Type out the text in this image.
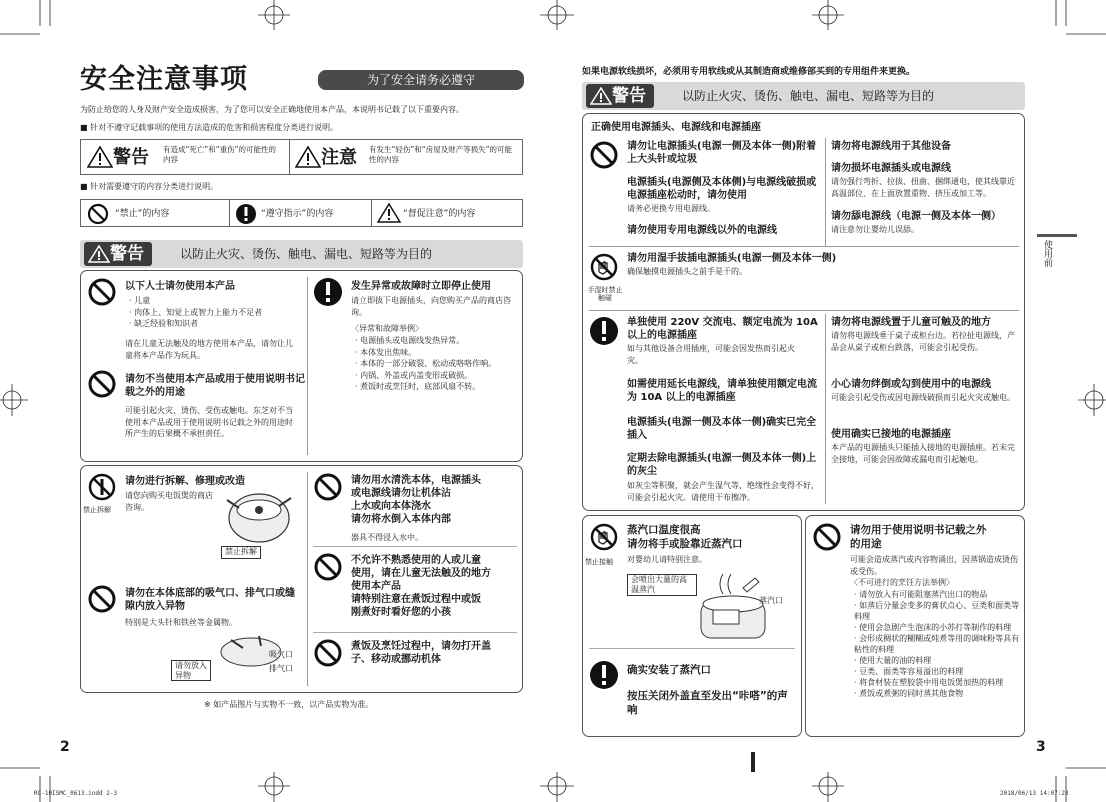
安全注意事项	为了安全请务必遵守
为防止给您的人身及财产安全造成损害，为了您可以安全正确地使用本产品，本说明书记载了以下重要内容。
■ 针对不遵守记载事项的使用方法造成的危害和损害程度分类进行说明。
警告 有造成“死亡”和“重伤”的可能性的内容	注意 有发生“轻伤”和“房屋及财产等损失”的可能性的内容
■ 针对需要遵守的内容分类进行说明。
“禁止”的内容	“遵守指示”的内容	“督促注意”的内容
警告	以防止火灾、烫伤、触电、漏电、短路等为目的
以下人士请勿使用本产品
· 儿童
· 肉体上、知觉上或智力上能力不足者
· 缺乏经验和知识者
请在儿童无法触及的地方使用本产品，请勿让儿童将本产品作为玩具。
请勿不当使用本产品或用于使用说明书记载之外的用途
可能引起火灾、烫伤、受伤或触电。东芝对不当使用本产品或用于使用说明书记载之外的用途时所产生的后果概不承担责任。
发生异常或故障时立即停止使用
请立即拔下电源插头，向您购买产品的商店咨询。
〈异常和故障举例〉
· 电源插头或电源线发热异常。
· 本体发出焦味。
· 本体的一部分破裂、松动或咯咯作响。
· 内锅、外盖或内盖变形或破损。
· 煮饭时或烹饪时，底部风扇不转。
禁止拆解
请勿进行拆解、修理或改造
请您向购买电饭煲的商店咨询。
禁止拆解
请勿在本体底部的吸气口、排气口或缝隙内放入异物
特别是大头针和铁丝等金属物。
请勿放入异物
吸气口
排气口
请勿用水清洗本体，电源插头
或电源线请勿让机体沾
上水或向本体浇水
请勿将水倒入本体内部
器具不得浸入水中。
不允许不熟悉使用的人或儿童
使用，请在儿童无法触及的地方
使用本产品
请特别注意在煮饭过程中或饭
刚煮好时看好您的小孩
煮饭及烹饪过程中，请勿打开盖
子、移动或挪动机体
※ 如产品图片与实物不一致，以产品实物为准。
2
RC-10ISMC_0613.indd 2-3
如果电源软线损坏，必须用专用软线或从其制造商或维修部买到的专用组件来更换。
警告	以防止火灾、烫伤、触电、漏电、短路等为目的
正确使用电源插头、电源线和电源插座
请勿让电源插头(电源一侧及本体一侧)附着上大头针或垃圾
电源插头(电源侧及本体侧)与电源线破损或电源插座松动时，请勿使用
请务必更换专用电源线。
请勿使用专用电源线以外的电源线
请勿将电源线用于其他设备
请勿损坏电源插头或电源线
请勿强行弯折、拉拔、扭曲、捆绑通电，使其线靠近高温部位、在上面放置重物、挤压或加工等。
请勿舔电源线（电源一侧及本体一侧）
请注意勿让婴幼儿误舔。
手湿时禁止触碰
请勿用湿手拔插电源插头(电源一侧及本体一侧)
确保触摸电源插头之前手是干的。
单独使用 220V 交流电、额定电流为 10A 以上的电源插座
如与其他设备合用插座，可能会因发热而引起火灾。
如需使用延长电源线，请单独使用额定电流为 10A 以上的电源插座
电源插头(电源一侧及本体一侧)确实已完全插入
定期去除电源插头(电源一侧及本体一侧)上的灰尘
如灰尘等积聚，就会产生湿气等，绝缘性会变得不好，可能会引起火灾。请使用干布擦净。
请勿将电源线置于儿童可触及的地方
请勿将电源线垂于桌子或柜台边。若拉扯电源线，产品会从桌子或柜台跌落，可能会引起受伤。
小心请勿绊倒或勾到使用中的电源线
可能会引起受伤或因电源线破损而引起火灾或触电。
使用确实已接地的电源插座
本产品的电源插头只能插入接地的电源插座。若未完全接地，可能会因故障或漏电而引起触电。
禁止接触
蒸汽口温度很高
请勿将手或脸靠近蒸汽口
对婴幼儿请特别注意。
会喷出大量的高温蒸汽
蒸汽口
确实安装了蒸汽口
按压关闭外盖直至发出“咔嗒”的声响
请勿用于使用说明书记载之外
的用途
可能会造成蒸汽或内容物涌出，因蒸锅造成烫伤或受伤。
〈不可进行的烹饪方法举例〉
· 请勿放入有可能阻塞蒸汽出口的物品
· 如蒸后分量会变多的膏状点心、豆类和面类等料理
· 使用会急剧产生泡沫的小苏打等制作的料理
· 会形成稠状的糊糊或炖煮等用的调味粉等具有粘性的料理
· 使用大量的油的料理
· 豆类、面类等容易溢出的料理
· 将食材装在塑胶袋中用电饭煲加热的料理
· 煮饭或煮粥的同时蒸其他食物
使用前
3
2018/06/13 14:07:23
